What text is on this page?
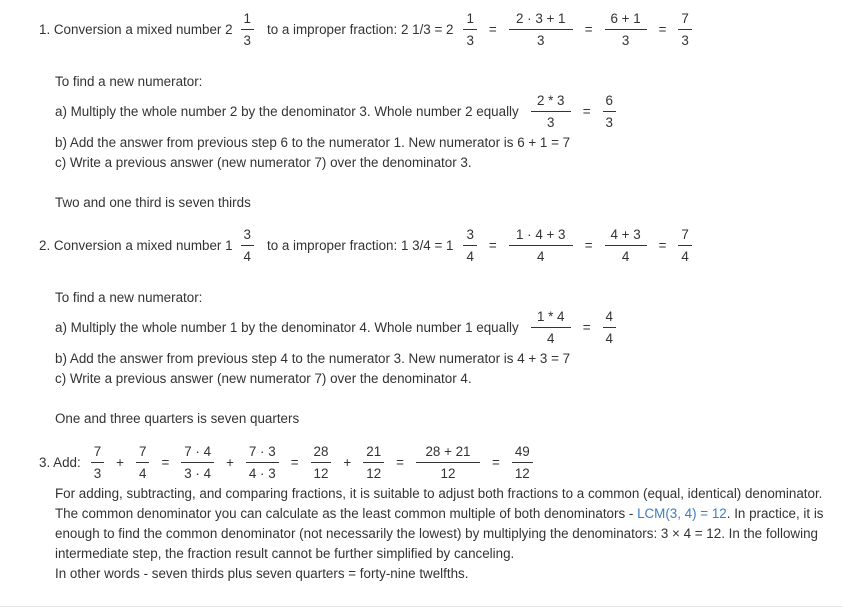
1. Conversion a mixed number $2 \frac{1}{3}$ to a improper fraction: 2 $1/3 = 2 \frac{1}{3} = \frac{2 \cdot 3 + 1}{3} = \frac{6 + 1}{3} = \frac{7}{3}$
To find a new numerator:
a) Multiply the whole number 2 by the denominator 3. Whole number 2 equally $\frac{2 * 3}{3} = \frac{6}{3}$
b) Add the answer from previous step 6 to the numerator 1. New numerator is 6 + 1 = 7
c) Write a previous answer (new numerator 7) over the denominator 3.
Two and one third is seven thirds
2. Conversion a mixed number $1 \frac{3}{4}$ to a improper fraction: 1 $3/4 = 1 \frac{3}{4} = \frac{1 \cdot 4 + 3}{4} = \frac{4 + 3}{4} = \frac{7}{4}$
To find a new numerator:
a) Multiply the whole number 1 by the denominator 4. Whole number 1 equally $\frac{1 * 4}{4} = \frac{4}{4}$
b) Add the answer from previous step 4 to the numerator 3. New numerator is 4 + 3 = 7
c) Write a previous answer (new numerator 7) over the denominator 4.
One and three quarters is seven quarters
3. Add: $\frac{7}{3} + \frac{7}{4} = \frac{7 \cdot 4}{3 \cdot 4} + \frac{7 \cdot 3}{4 \cdot 3} = \frac{28}{12} + \frac{21}{12} = \frac{28 + 21}{12} = \frac{49}{12}$
For adding, subtracting, and comparing fractions, it is suitable to adjust both fractions to a common (equal, identical) denominator. The common denominator you can calculate as the least common multiple of both denominators - LCM(3, 4) = 12. In practice, it is enough to find the common denominator (not necessarily the lowest) by multiplying the denominators: 3 × 4 = 12. In the following intermediate step, the fraction result cannot be further simplified by canceling.
In other words - seven thirds plus seven quarters = forty-nine twelfths.
